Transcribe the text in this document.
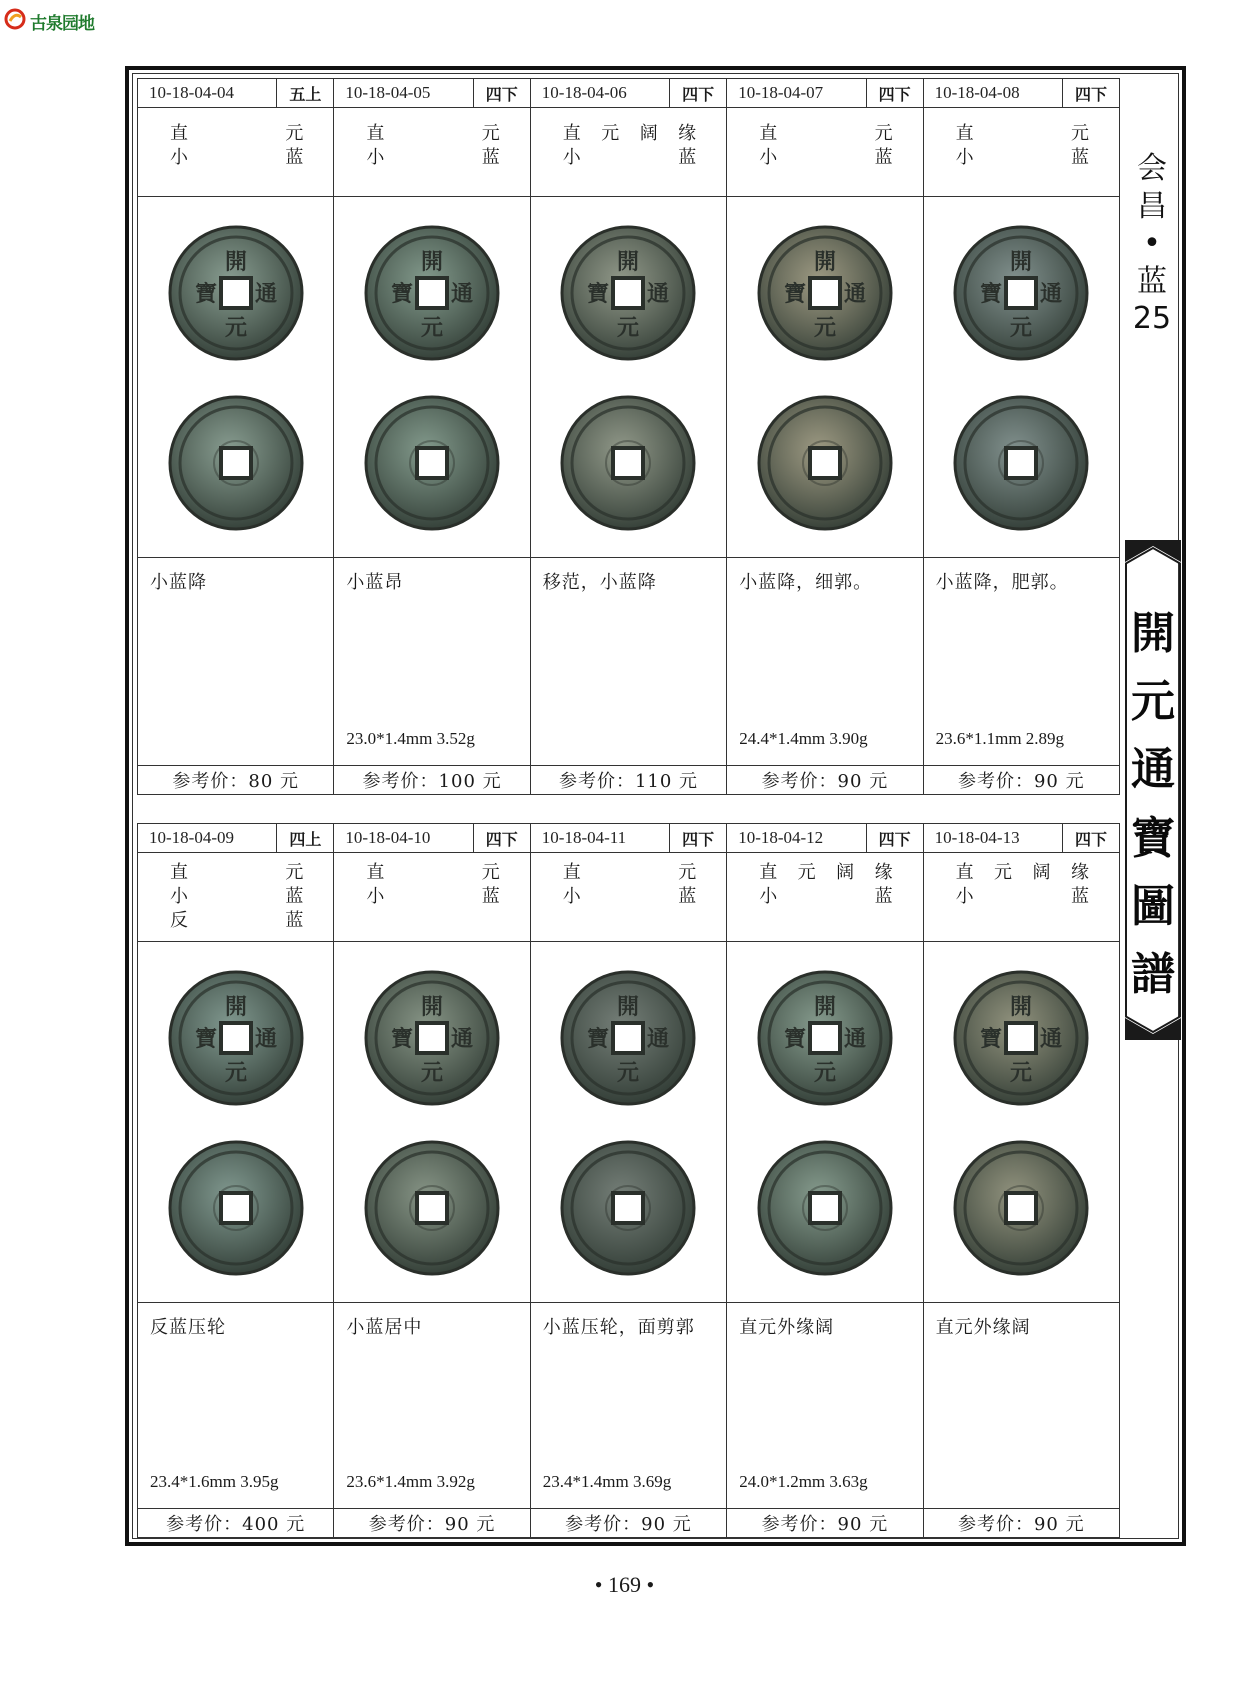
古泉园地
10-18-04-04	五上
直	元
小	蓝
開
元
通
寶
小蓝降
参考价：80 元
10-18-04-05	四下
直	元
小	蓝
開
元
通
寶
小蓝昂
23.0*1.4mm 3.52g
参考价：100 元
10-18-04-06	四下
直 元 阔 缘
小	蓝
開
元
通
寶
移范，小蓝降
参考价：110 元
10-18-04-07	四下
直	元
小	蓝
開
元
通
寶
小蓝降，细郭。
24.4*1.4mm 3.90g
参考价：90 元
10-18-04-08	四下
直	元
小	蓝
開
元
通
寶
小蓝降，肥郭。
23.6*1.1mm 2.89g
参考价：90 元
10-18-04-09	四上
直	元
小	蓝
反	蓝
開
元
通
寶
反蓝压轮
23.4*1.6mm 3.95g
参考价：400 元
10-18-04-10	四下
直	元
小	蓝
開
元
通
寶
小蓝居中
23.6*1.4mm 3.92g
参考价：90 元
10-18-04-11	四下
直	元
小	蓝
開
元
通
寶
小蓝压轮，面剪郭
23.4*1.4mm 3.69g
参考价：90 元
10-18-04-12	四下
直 元 阔 缘
小	蓝
開
元
通
寶
直元外缘阔
24.0*1.2mm 3.63g
参考价：90 元
10-18-04-13	四下
直 元 阔 缘
小	蓝
開
元
通
寶
直元外缘阔
参考价：90 元
会
昌
•
蓝
25
開
元
通
寶
圖
譜
• 169 •
